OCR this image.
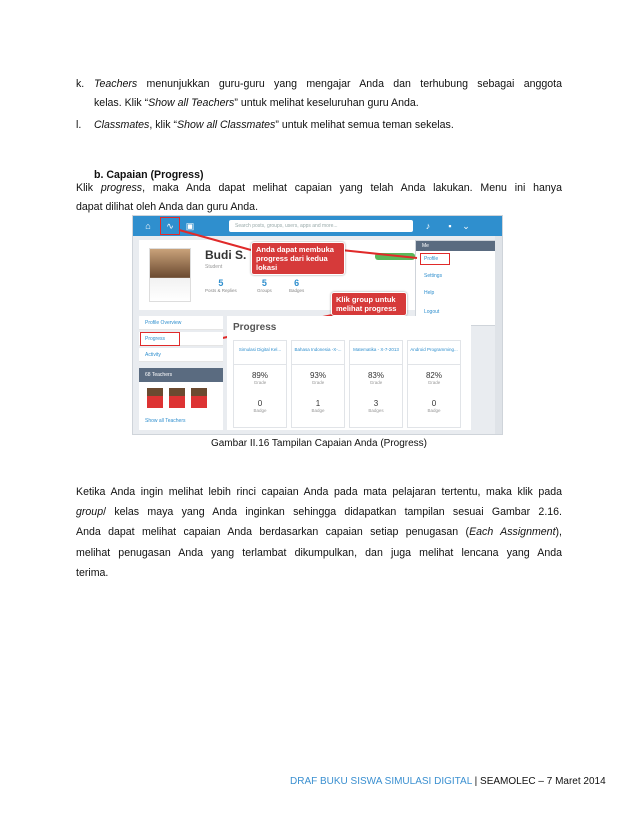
k. Teachers menunjukkan guru-guru yang mengajar Anda dan terhubung sebagai anggota
kelas. Klik “Show all Teachers” untuk melihat keseluruhan guru Anda.
l. Classmates, klik “Show all Classmates” untuk melihat semua teman sekelas.
b. Capaian (Progress)
Klik progress, maka Anda dapat melihat capaian yang telah Anda lakukan. Menu ini hanya
dapat dilihat oleh Anda dan guru Anda.
⌂	∿	▣	Search posts, groups, users, apps and more...	♪	▪	⌄
Budi S.
Student
5
Posts & Replies
5
Groups
6
Badges
Me
Profile
Settings
Help
Logout
Anda dapat membuka progress dari kedua lokasi
Klik group untuk melihat progress
Profile Overview
Progress
Activity
68 Teachers
Show all Teachers
Progress
Simulasi Digital Kel...
89%
Grade
0
Badge
Bahasa Indonesia -X-...
93%
Grade
1
Badge
Matematika - X-7-2013
83%
Grade
3
Badges
Android Programming...
82%
Grade
0
Badge
Gambar II.16 Tampilan Capaian Anda (Progress)
Ketika Anda ingin melihat lebih rinci capaian Anda pada mata pelajaran tertentu, maka klik pada
group/ kelas maya yang Anda inginkan sehingga didapatkan tampilan sesuai Gambar 2.16.
Anda dapat melihat capaian Anda berdasarkan capaian setiap penugasan (Each Assignment),
melihat penugasan Anda yang terlambat dikumpulkan, dan juga melihat lencana yang Anda
terima.
DRAF BUKU SISWA SIMULASI DIGITAL | SEAMOLEC – 7 Maret 2014
